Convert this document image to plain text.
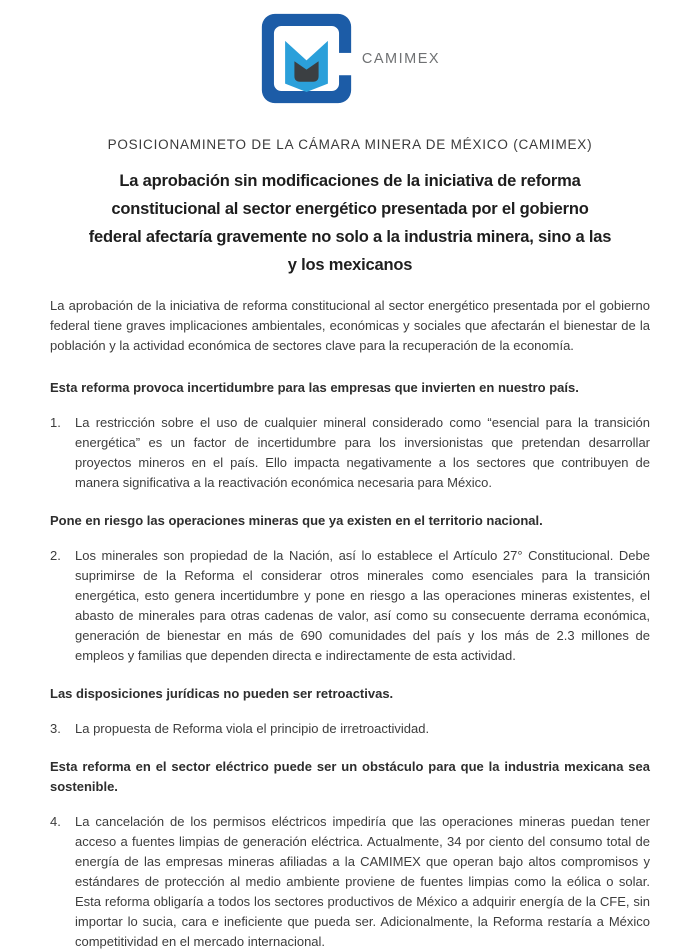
CAMIMEX
POSICIONAMINETO DE LA CÁMARA MINERA DE MÉXICO (CAMIMEX)
La aprobación sin modificaciones de la iniciativa de reforma
constitucional al sector energético presentada por el gobierno
federal afectaría gravemente no solo a la industria minera, sino a las
y los mexicanos

La aprobación de la iniciativa de reforma constitucional al sector energético presentada por el gobierno federal tiene graves implicaciones ambientales, económicas y sociales que afectarán el bienestar de la población y la actividad económica de sectores clave para la recuperación de la economía.

Esta reforma provoca incertidumbre para las empresas que invierten en nuestro país.

1.	La restricción sobre el uso de cualquier mineral considerado como “esencial para la transición energética” es un factor de incertidumbre para los inversionistas que pretendan desarrollar proyectos mineros en el país. Ello impacta negativamente a los sectores que contribuyen de manera significativa a la reactivación económica necesaria para México.

Pone en riesgo las operaciones mineras que ya existen en el territorio nacional.

2.	Los minerales son propiedad de la Nación, así lo establece el Artículo 27° Constitucional. Debe suprimirse de la Reforma el considerar otros minerales como esenciales para la transición energética, esto genera incertidumbre y pone en riesgo a las operaciones mineras existentes, el abasto de minerales para otras cadenas de valor, así como su consecuente derrama económica, generación de bienestar en más de 690 comunidades del país y los más de 2.3 millones de empleos y familias que dependen directa e indirectamente de esta actividad.

Las disposiciones jurídicas no pueden ser retroactivas.

3.	La propuesta de Reforma viola el principio de irretroactividad.

Esta reforma en el sector eléctrico puede ser un obstáculo para que la industria mexicana sea sostenible.

4.	La cancelación de los permisos eléctricos impediría que las operaciones mineras puedan tener acceso a fuentes limpias de generación eléctrica. Actualmente, 34 por ciento del consumo total de energía de las empresas mineras afiliadas a la CAMIMEX que operan bajo altos compromisos y estándares de protección al medio ambiente proviene de fuentes limpias como la eólica o solar. Esta reforma obligaría a todos los sectores productivos de México a adquirir energía de la CFE, sin importar lo sucia, cara e ineficiente que pueda ser. Adicionalmente, la Reforma restaría a México competitividad en el mercado internacional.
